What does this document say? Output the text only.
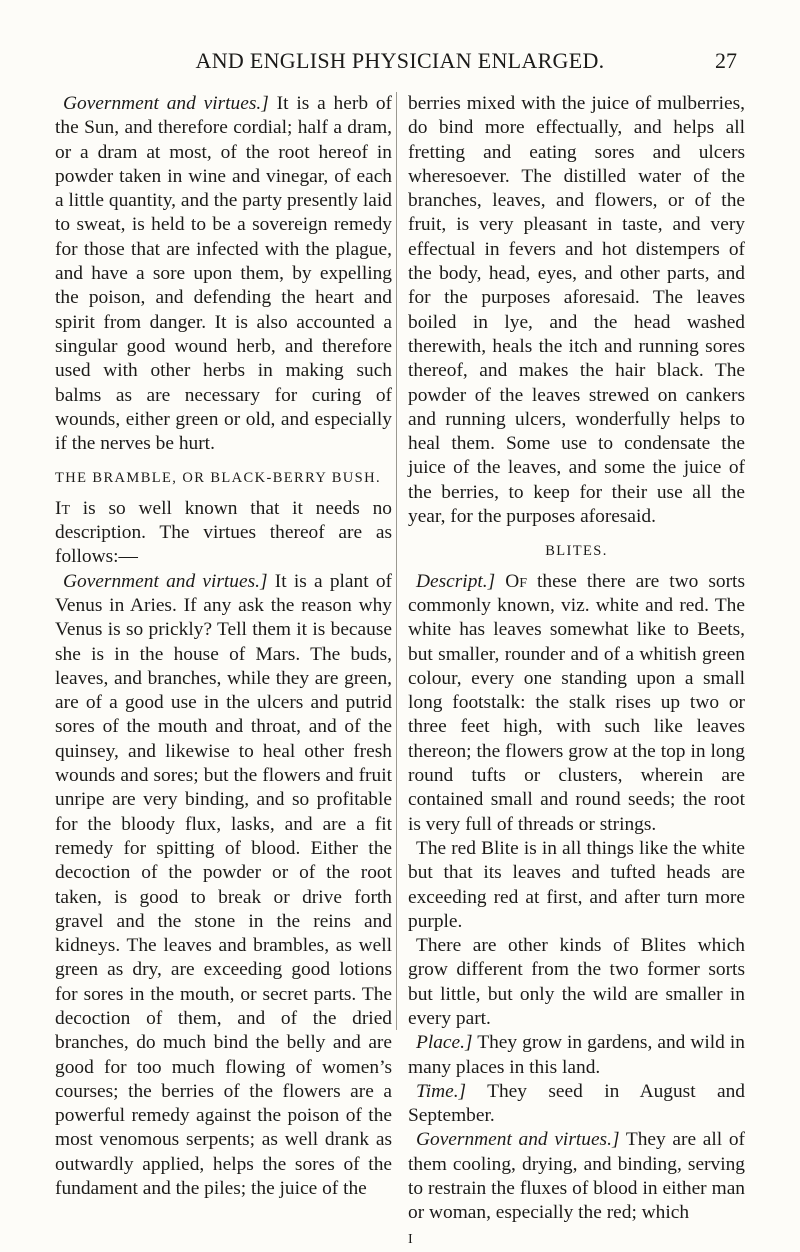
AND ENGLISH PHYSICIAN ENLARGED.	27

Government and virtues.] It is a herb of the Sun, and therefore cordial; half a dram, or a dram at most, of the root hereof in powder taken in wine and vinegar, of each a little quantity, and the party presently laid to sweat, is held to be a sovereign remedy for those that are infected with the plague, and have a sore upon them, by expelling the poison, and defending the heart and spirit from danger. It is also accounted a singular good wound herb, and therefore used with other herbs in making such balms as are necessary for curing of wounds, either green or old, and especially if the nerves be hurt.

THE BRAMBLE, OR BLACK-BERRY BUSH.

It is so well known that it needs no description. The virtues thereof are as follows:—

Government and virtues.] It is a plant of Venus in Aries. If any ask the reason why Venus is so prickly? Tell them it is because she is in the house of Mars. The buds, leaves, and branches, while they are green, are of a good use in the ulcers and putrid sores of the mouth and throat, and of the quinsey, and likewise to heal other fresh wounds and sores; but the flowers and fruit unripe are very binding, and so profitable for the bloody flux, lasks, and are a fit remedy for spitting of blood. Either the decoction of the powder or of the root taken, is good to break or drive forth gravel and the stone in the reins and kidneys. The leaves and brambles, as well green as dry, are exceeding good lotions for sores in the mouth, or secret parts. The decoction of them, and of the dried branches, do much bind the belly and are good for too much flowing of women’s courses; the berries of the flowers are a powerful remedy against the poison of the most venomous serpents; as well drank as outwardly applied, helps the sores of the fundament and the piles; the juice of the

berries mixed with the juice of mulberries, do bind more effectually, and helps all fretting and eating sores and ulcers wheresoever. The distilled water of the branches, leaves, and flowers, or of the fruit, is very pleasant in taste, and very effectual in fevers and hot distempers of the body, head, eyes, and other parts, and for the purposes aforesaid. The leaves boiled in lye, and the head washed therewith, heals the itch and running sores thereof, and makes the hair black. The powder of the leaves strewed on cankers and running ulcers, wonderfully helps to heal them. Some use to condensate the juice of the leaves, and some the juice of the berries, to keep for their use all the year, for the purposes aforesaid.

BLITES.

Descript.] Of these there are two sorts commonly known, viz. white and red. The white has leaves somewhat like to Beets, but smaller, rounder and of a whitish green colour, every one standing upon a small long footstalk: the stalk rises up two or three feet high, with such like leaves thereon; the flowers grow at the top in long round tufts or clusters, wherein are contained small and round seeds; the root is very full of threads or strings.

The red Blite is in all things like the white but that its leaves and tufted heads are exceeding red at first, and after turn more purple.

There are other kinds of Blites which grow different from the two former sorts but little, but only the wild are smaller in every part.

Place.] They grow in gardens, and wild in many places in this land.

Time.] They seed in August and September.

Government and virtues.] They are all of them cooling, drying, and binding, serving to restrain the fluxes of blood in either man or woman, especially the red; which

I
